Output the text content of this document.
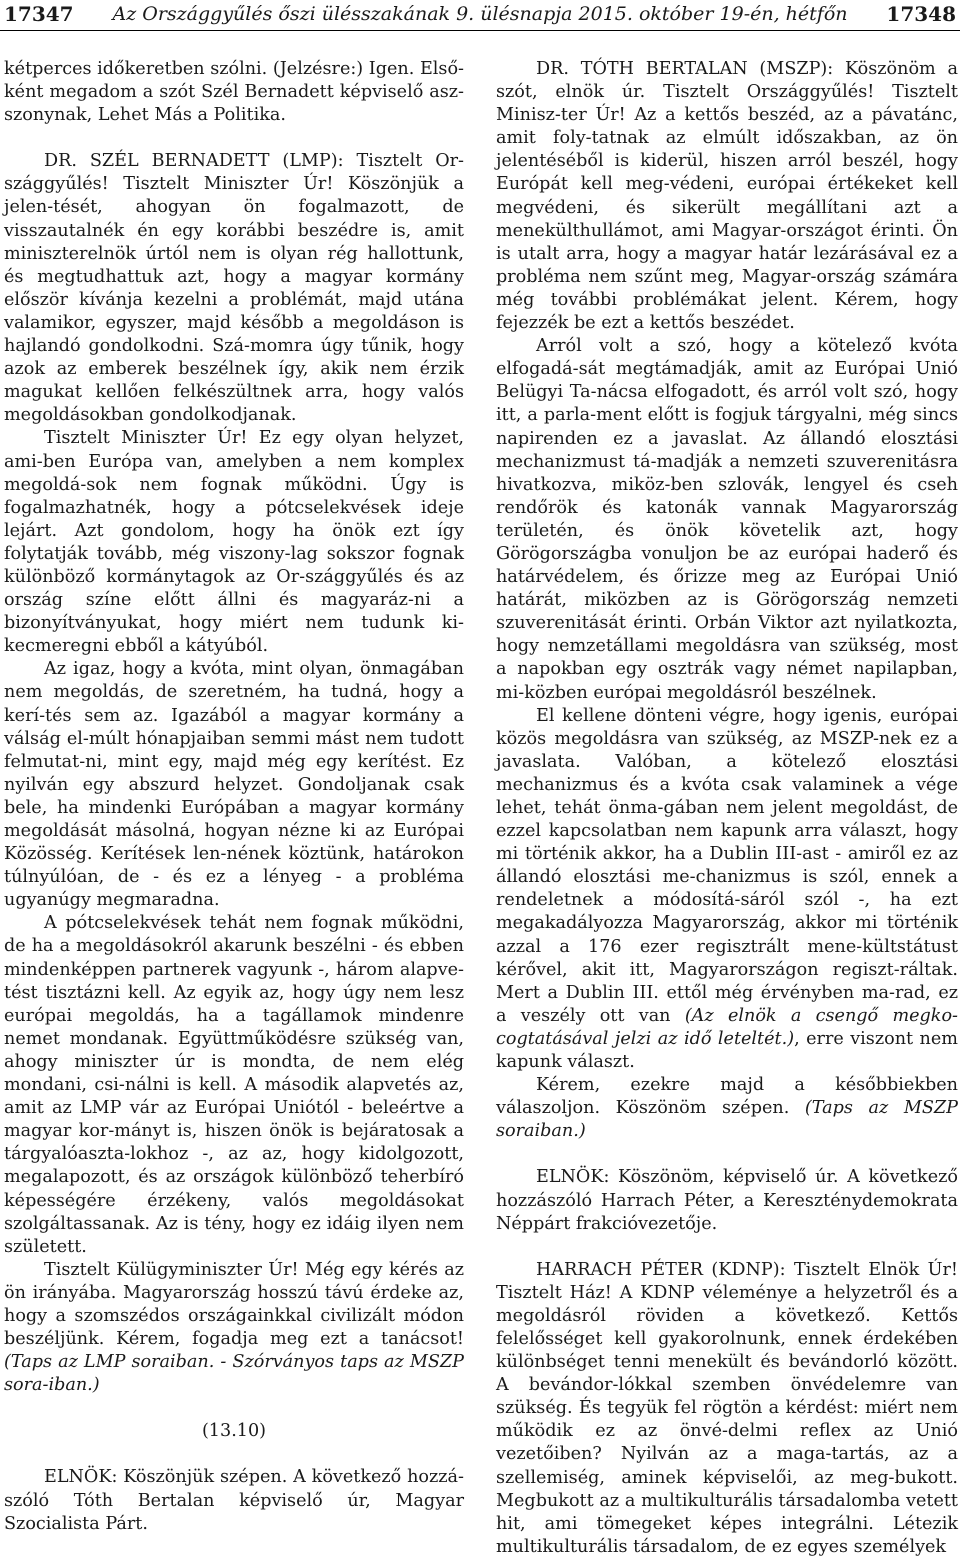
17347	Az Országgyűlés őszi ülésszakának 9. ülésnapja 2015. október 19-én, hétfőn	17348

kétperces időkeretben szólni. (Jelzésre:) Igen. Első- ként megadom a szót Szél Bernadett képviselő asz- szonynak, Lehet Más a Politika.

DR. SZÉL BERNADETT (LMP): Tisztelt Or-szággyűlés! Tisztelt Miniszter Úr! Köszönjük a jelen-tését, ahogyan ön fogalmazott, de visszautalnék én egy korábbi beszédre is, amit miniszterelnök úrtól nem is olyan rég hallottunk, és megtudhattuk azt, hogy a magyar kormány először kívánja kezelni a problémát, majd utána valamikor, egyszer, majd később a megoldáson is hajlandó gondolkodni. Szá-momra úgy tűnik, hogy azok az emberek beszélnek így, akik nem érzik magukat kellően felkészültnek arra, hogy valós megoldásokban gondolkodjanak.

Tisztelt Miniszter Úr! Ez egy olyan helyzet, ami-ben Európa van, amelyben a nem komplex megoldá-sok nem fognak működni. Úgy is fogalmazhatnék, hogy a pótcselekvések ideje lejárt. Azt gondolom, hogy ha önök ezt így folytatják tovább, még viszony-lag sokszor fognak különböző kormánytagok az Or-szággyűlés és az ország színe előtt állni és magyaráz-ni a bizonyítványukat, hogy miért nem tudunk ki-kecmeregni ebből a kátyúból.

Az igaz, hogy a kvóta, mint olyan, önmagában nem megoldás, de szeretném, ha tudná, hogy a kerí-tés sem az. Igazából a magyar kormány a válság el-múlt hónapjaiban semmi mást nem tudott felmutat-ni, mint egy, majd még egy kerítést. Ez nyilván egy abszurd helyzet. Gondoljanak csak bele, ha mindenki Európában a magyar kormány megoldását másolná, hogyan nézne ki az Európai Közösség. Kerítések len-nének köztünk, határokon túlnyúlóan, de - és ez a lényeg - a probléma ugyanúgy megmaradna.

A pótcselekvések tehát nem fognak működni, de ha a megoldásokról akarunk beszélni - és ebben mindenképpen partnerek vagyunk -, három alapve-tést tisztázni kell. Az egyik az, hogy úgy nem lesz európai megoldás, ha a tagállamok mindenre nemet mondanak. Együttműködésre szükség van, ahogy miniszter úr is mondta, de nem elég mondani, csi-nálni is kell. A második alapvetés az, amit az LMP vár az Európai Uniótól - beleértve a magyar kor-mányt is, hiszen önök is bejáratosak a tárgyalóaszta-lokhoz -, az az, hogy kidolgozott, megalapozott, és az országok különböző teherbíró képességére érzékeny, valós megoldásokat szolgáltassanak. Az is tény, hogy ez idáig ilyen nem született.

Tisztelt Külügyminiszter Úr! Még egy kérés az ön irányába. Magyarország hosszú távú érdeke az, hogy a szomszédos országainkkal civilizált módon beszéljünk. Kérem, fogadja meg ezt a tanácsot! (Taps az LMP soraiban. - Szórványos taps az MSZP sora-iban.)

(13.10)

ELNÖK: Köszönjük szépen. A következő hozzá-szóló Tóth Bertalan képviselő úr, Magyar Szocialista Párt.

DR. TÓTH BERTALAN (MSZP): Köszönöm a szót, elnök úr. Tisztelt Országgyűlés! Tisztelt Minisz-ter Úr! Az a kettős beszéd, az a pávatánc, amit foly-tatnak az elmúlt időszakban, az ön jelentéséből is kiderül, hiszen arról beszél, hogy Európát kell meg-védeni, európai értékeket kell megvédeni, és sikerült megállítani azt a menekülthullámot, ami Magyar-országot érinti. Ön is utalt arra, hogy a magyar határ lezárásával ez a probléma nem szűnt meg, Magyar-ország számára még további problémákat jelent. Kérem, hogy fejezzék be ezt a kettős beszédet.

Arról volt a szó, hogy a kötelező kvóta elfogadá-sát megtámadják, amit az Európai Unió Belügyi Ta-nácsa elfogadott, és arról volt szó, hogy itt, a parla-ment előtt is fogjuk tárgyalni, még sincs napirenden ez a javaslat. Az állandó elosztási mechanizmust tá-madják a nemzeti szuverenitásra hivatkozva, miköz-ben szlovák, lengyel és cseh rendőrök és katonák vannak Magyarország területén, és önök követelik azt, hogy Görögországba vonuljon be az európai haderő és határvédelem, és őrizze meg az Európai Unió határát, miközben az is Görögország nemzeti szuverenitását érinti. Orbán Viktor azt nyilatkozta, hogy nemzetállami megoldásra van szükség, most a napokban egy osztrák vagy német napilapban, mi-közben európai megoldásról beszélnek.

El kellene dönteni végre, hogy igenis, európai közös megoldásra van szükség, az MSZP-nek ez a javaslata. Valóban, a kötelező elosztási mechanizmus és a kvóta csak valaminek a vége lehet, tehát önma-gában nem jelent megoldást, de ezzel kapcsolatban nem kapunk arra választ, hogy mi történik akkor, ha a Dublin III-ast - amiről ez az állandó elosztási me-chanizmus is szól, ennek a rendeletnek a módosítá-sáról szól -, ha ezt megakadályozza Magyarország, akkor mi történik azzal a 176 ezer regisztrált mene-kültstátust kérővel, akit itt, Magyarországon regiszt-ráltak. Mert a Dublin III. ettől még érvényben ma-rad, ez a veszély ott van (Az elnök a csengő megko-cogtatásával jelzi az idő leteltét.), erre viszont nem kapunk választ.

Kérem, ezekre majd a későbbiekben válaszoljon. Köszönöm szépen. (Taps az MSZP soraiban.)

ELNÖK: Köszönöm, képviselő úr. A következő hozzászóló Harrach Péter, a Kereszténydemokrata Néppárt frakcióvezetője.

HARRACH PÉTER (KDNP): Tisztelt Elnök Úr! Tisztelt Ház! A KDNP véleménye a helyzetről és a megoldásról röviden a következő. Kettős felelősséget kell gyakorolnunk, ennek érdekében különbséget tenni menekült és bevándorló között. A bevándor-lókkal szemben önvédelemre van szükség. És tegyük fel rögtön a kérdést: miért nem működik ez az önvé-delmi reflex az Unió vezetőiben? Nyilván az a maga-tartás, az a szellemiség, aminek képviselői, az meg-bukott. Megbukott az a multikulturális társadalomba vetett hit, ami tömegeket képes integrálni. Létezik multikulturális társadalom, de ez egyes személyek
